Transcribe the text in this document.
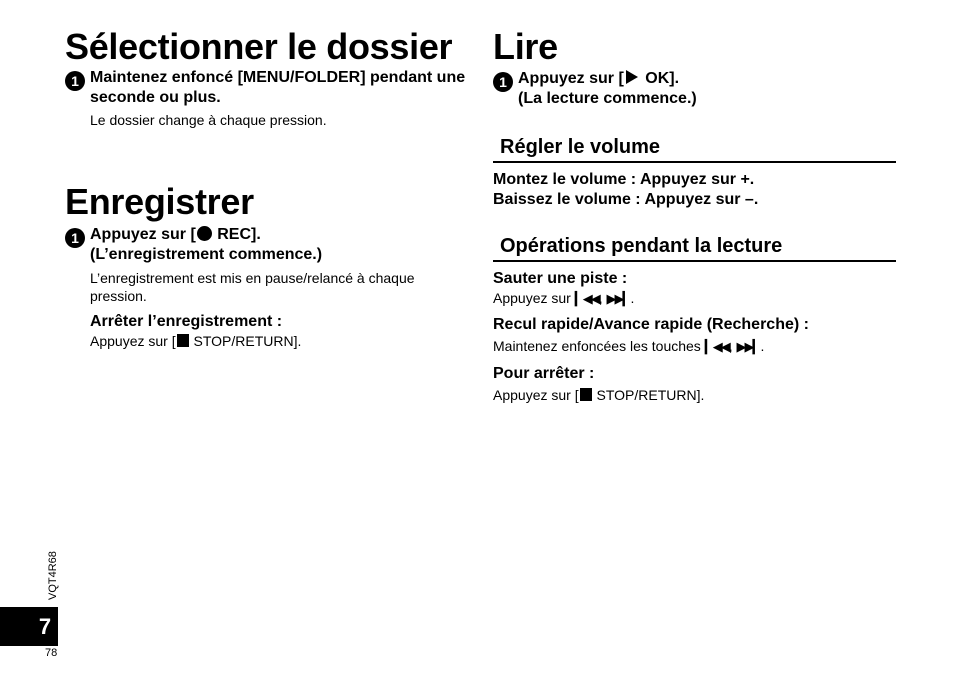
Sélectionner le dossier
1 Maintenez enfoncé [MENU/FOLDER] pendant une seconde ou plus.
Le dossier change à chaque pression.
Enregistrer
1 Appuyez sur [ REC].
(L’enregistrement commence.)
L’enregistrement est mis en pause/relancé à chaque pression.
Arrêter l’enregistrement :
Appuyez sur [ STOP/RETURN].
Lire
1 Appuyez sur [ OK].
(La lecture commence.)
Régler le volume
Montez le volume : Appuyez sur +.
Baissez le volume : Appuyez sur –.
Opérations pendant la lecture
Sauter une piste :
Appuyez sur ▎◀◀, ▶▶▎.
Recul rapide/Avance rapide (Recherche) :
Maintenez enfoncées les touches ▎◀◀, ▶▶▎.
Pour arrêter :
Appuyez sur [ STOP/RETURN].
VQT4R68
7
78
